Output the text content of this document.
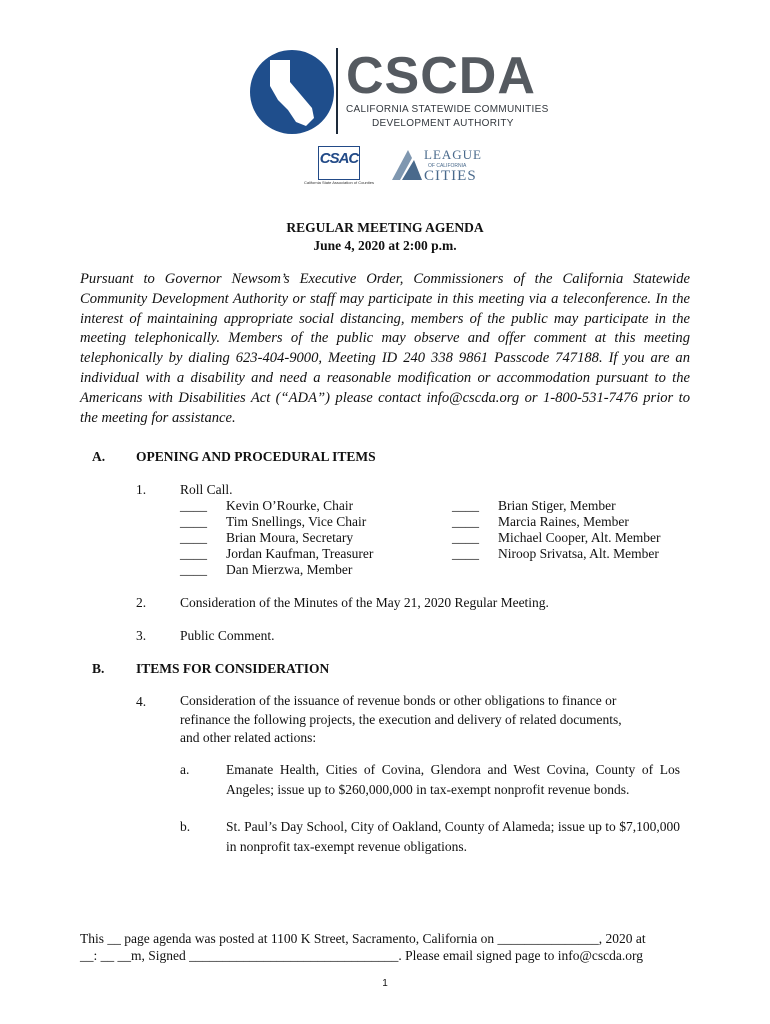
CSCDA
CALIFORNIA STATEWIDE COMMUNITIES
DEVELOPMENT AUTHORITY
CSAC
California State Association of Counties
LEAGUE
OF CALIFORNIA
CITIES
REGULAR MEETING AGENDA
June 4, 2020 at 2:00 p.m.
Pursuant to Governor Newsom’s Executive Order, Commissioners of the California Statewide Community Development Authority or staff may participate in this meeting via a teleconference. In the interest of maintaining appropriate social distancing, members of the public may participate in the meeting telephonically. Members of the public may observe and offer comment at this meeting telephonically by dialing 623-404-9000, Meeting ID 240 338 9861 Passcode 747188. If you are an individual with a disability and need a reasonable modification or accommodation pursuant to the Americans with Disabilities Act (“ADA”) please contact info@cscda.org or 1-800-531-7476 prior to the meeting for assistance.
A. OPENING AND PROCEDURAL ITEMS
1.	Roll Call.
____ Kevin O’Rourke, Chair
____ Tim Snellings, Vice Chair
____ Brian Moura, Secretary
____ Jordan Kaufman, Treasurer
____ Dan Mierzwa, Member
____ Brian Stiger, Member
____ Marcia Raines, Member
____ Michael Cooper, Alt. Member
____ Niroop Srivatsa, Alt. Member
2.	Consideration of the Minutes of the May 21, 2020 Regular Meeting.
3.	Public Comment.
B. ITEMS FOR CONSIDERATION
4.	Consideration of the issuance of revenue bonds or other obligations to finance or refinance the following projects, the execution and delivery of related documents, and other related actions:
a.	Emanate Health, Cities of Covina, Glendora and West Covina, County of Los Angeles; issue up to $260,000,000 in tax-exempt nonprofit revenue bonds.
b.	St. Paul’s Day School, City of Oakland, County of Alameda; issue up to $7,100,000 in nonprofit tax-exempt revenue obligations.
This __ page agenda was posted at 1100 K Street, Sacramento, California on _______________, 2020 at
__: __ __m, Signed _______________________________. Please email signed page to info@cscda.org
1
